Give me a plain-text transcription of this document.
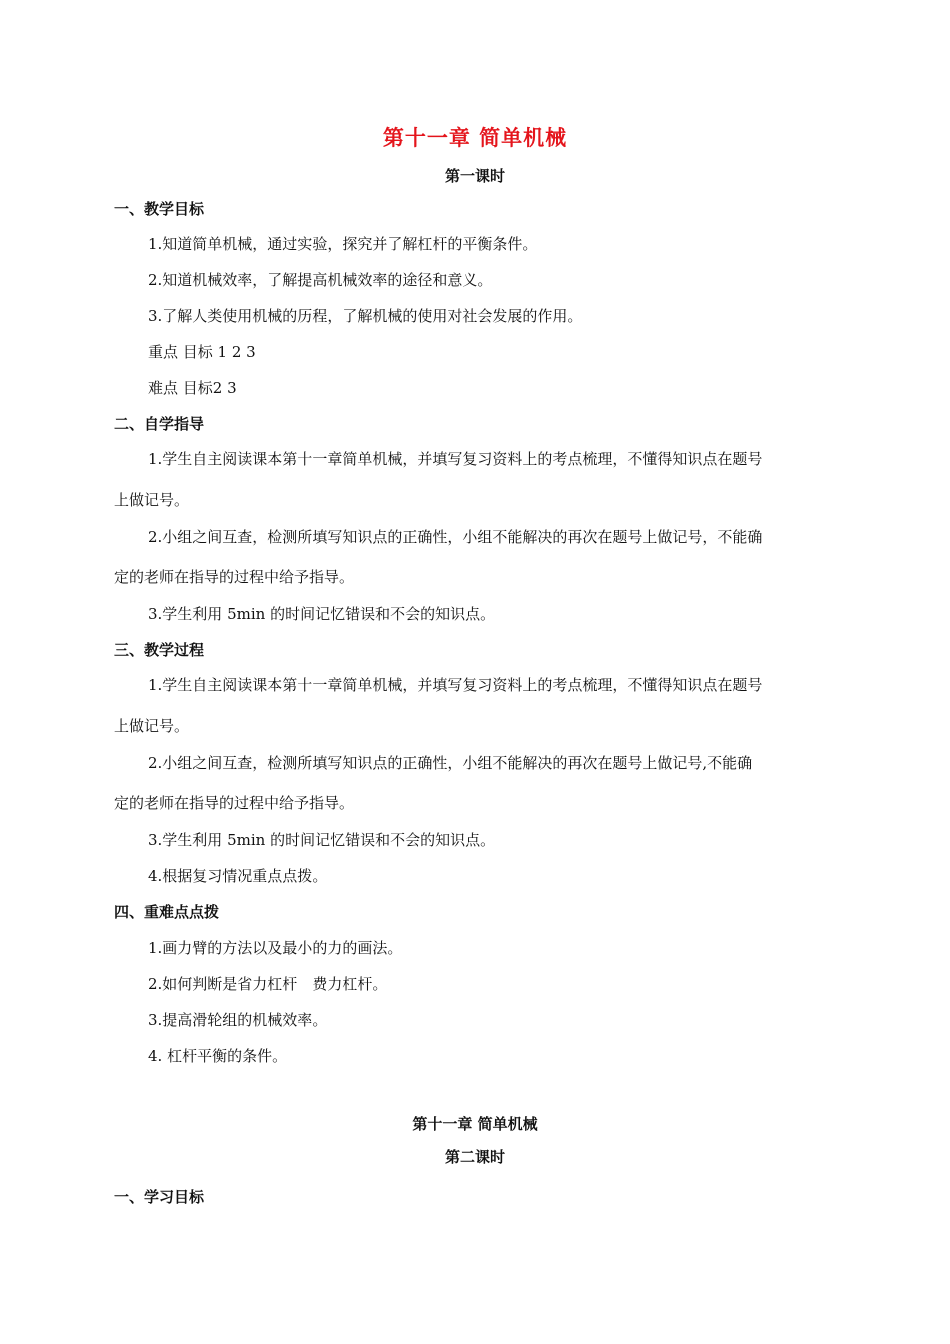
第十一章 简单机械
第一课时
一、教学目标
1.知道简单机械，通过实验，探究并了解杠杆的平衡条件。
2.知道机械效率，了解提高机械效率的途径和意义。
3.了解人类使用机械的历程，了解机械的使用对社会发展的作用。
重点 目标 1 2 3
难点 目标2 3
二、自学指导
1.学生自主阅读课本第十一章简单机械，并填写复习资料上的考点梳理，不懂得知识点在题号
上做记号。
2.小组之间互查，检测所填写知识点的正确性，小组不能解决的再次在题号上做记号，不能确
定的老师在指导的过程中给予指导。
3.学生利用 5min 的时间记忆错误和不会的知识点。
三、教学过程
1.学生自主阅读课本第十一章简单机械，并填写复习资料上的考点梳理，不懂得知识点在题号
上做记号。
2.小组之间互查，检测所填写知识点的正确性，小组不能解决的再次在题号上做记号,不能确
定的老师在指导的过程中给予指导。
3.学生利用 5min 的时间记忆错误和不会的知识点。
4.根据复习情况重点点拨。
四、重难点点拨
1.画力臂的方法以及最小的力的画法。
2.如何判断是省力杠杆　费力杠杆。
3.提高滑轮组的机械效率。
4. 杠杆平衡的条件。
第十一章 简单机械
第二课时
一、学习目标
